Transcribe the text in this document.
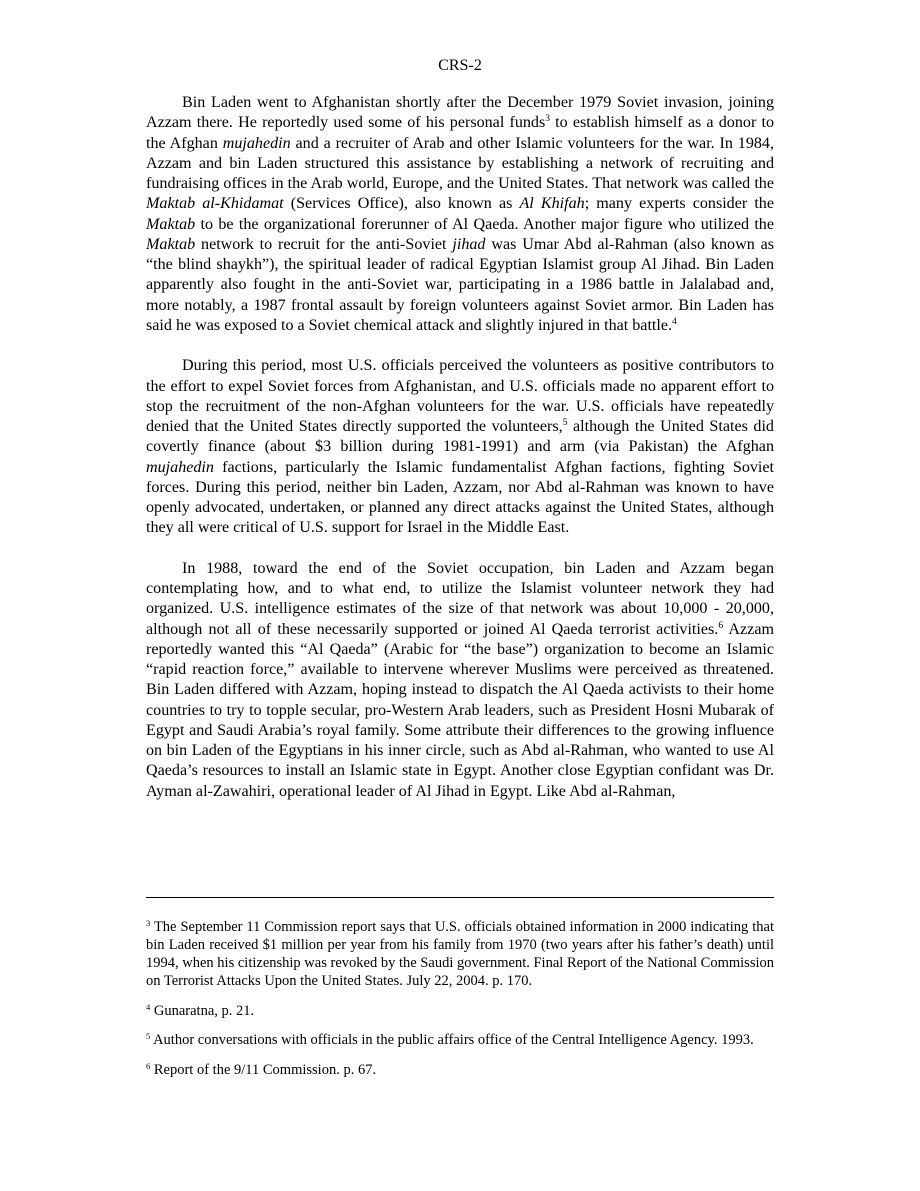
CRS-2

Bin Laden went to Afghanistan shortly after the December 1979 Soviet invasion, joining Azzam there. He reportedly used some of his personal funds$^3$ to establish himself as a donor to the Afghan mujahedin and a recruiter of Arab and other Islamic volunteers for the war. In 1984, Azzam and bin Laden structured this assistance by establishing a network of recruiting and fundraising offices in the Arab world, Europe, and the United States. That network was called the Maktab al-Khidamat (Services Office), also known as Al Khifah; many experts consider the Maktab to be the organizational forerunner of Al Qaeda. Another major figure who utilized the Maktab network to recruit for the anti-Soviet jihad was Umar Abd al-Rahman (also known as “the blind shaykh”), the spiritual leader of radical Egyptian Islamist group Al Jihad. Bin Laden apparently also fought in the anti-Soviet war, participating in a 1986 battle in Jalalabad and, more notably, a 1987 frontal assault by foreign volunteers against Soviet armor. Bin Laden has said he was exposed to a Soviet chemical attack and slightly injured in that battle.$^4$

During this period, most U.S. officials perceived the volunteers as positive contributors to the effort to expel Soviet forces from Afghanistan, and U.S. officials made no apparent effort to stop the recruitment of the non-Afghan volunteers for the war. U.S. officials have repeatedly denied that the United States directly supported the volunteers,$^5$ although the United States did covertly finance (about $3 billion during 1981-1991) and arm (via Pakistan) the Afghan mujahedin factions, particularly the Islamic fundamentalist Afghan factions, fighting Soviet forces. During this period, neither bin Laden, Azzam, nor Abd al-Rahman was known to have openly advocated, undertaken, or planned any direct attacks against the United States, although they all were critical of U.S. support for Israel in the Middle East.

In 1988, toward the end of the Soviet occupation, bin Laden and Azzam began contemplating how, and to what end, to utilize the Islamist volunteer network they had organized. U.S. intelligence estimates of the size of that network was about 10,000 - 20,000, although not all of these necessarily supported or joined Al Qaeda terrorist activities.$^6$ Azzam reportedly wanted this “Al Qaeda” (Arabic for “the base”) organization to become an Islamic “rapid reaction force,” available to intervene wherever Muslims were perceived as threatened. Bin Laden differed with Azzam, hoping instead to dispatch the Al Qaeda activists to their home countries to try to topple secular, pro-Western Arab leaders, such as President Hosni Mubarak of Egypt and Saudi Arabia’s royal family. Some attribute their differences to the growing influence on bin Laden of the Egyptians in his inner circle, such as Abd al-Rahman, who wanted to use Al Qaeda’s resources to install an Islamic state in Egypt. Another close Egyptian confidant was Dr. Ayman al-Zawahiri, operational leader of Al Jihad in Egypt. Like Abd al-Rahman,

$^3$ The September 11 Commission report says that U.S. officials obtained information in 2000 indicating that bin Laden received $1 million per year from his family from 1970 (two years after his father’s death) until 1994, when his citizenship was revoked by the Saudi government. Final Report of the National Commission on Terrorist Attacks Upon the United States. July 22, 2004. p. 170.

$^4$ Gunaratna, p. 21.

$^5$ Author conversations with officials in the public affairs office of the Central Intelligence Agency. 1993.

$^6$ Report of the 9/11 Commission. p. 67.
